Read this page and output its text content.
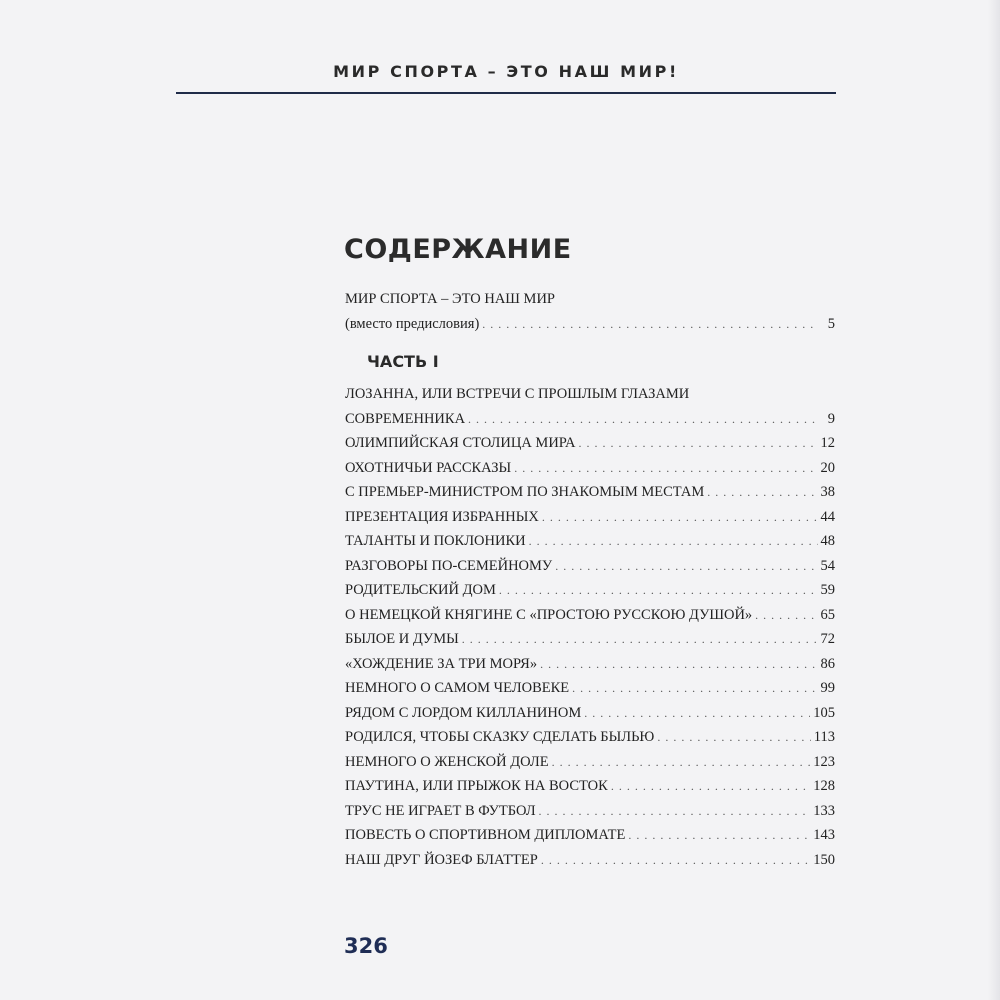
МИР СПОРТА – ЭТО НАШ МИР!
СОДЕРЖАНИЕ
МИР СПОРТА – ЭТО НАШ МИР
(вместо предисловия) . . .	5
ЧАСТЬ I
ЛОЗАННА, ИЛИ ВСТРЕЧИ С ПРОШЛЫМ ГЛАЗАМИ
СОВРЕМЕННИКА . . .	9
ОЛИМПИЙСКАЯ СТОЛИЦА МИРА . . .	12
ОХОТНИЧЬИ РАССКАЗЫ . . .	20
С ПРЕМЬЕР-МИНИСТРОМ ПО ЗНАКОМЫМ МЕСТАМ . . .	38
ПРЕЗЕНТАЦИЯ ИЗБРАННЫХ . . .	44
ТАЛАНТЫ И ПОКЛОНИКИ . . .	48
РАЗГОВОРЫ ПО-СЕМЕЙНОМУ . . .	54
РОДИТЕЛЬСКИЙ ДОМ . . .	59
О НЕМЕЦКОЙ КНЯГИНЕ С «ПРОСТОЮ РУССКОЮ ДУШОЙ» . . .	65
БЫЛОЕ И ДУМЫ . . .	72
«ХОЖДЕНИЕ ЗА ТРИ МОРЯ» . . .	86
НЕМНОГО О САМОМ ЧЕЛОВЕКЕ . . .	99
РЯДОМ С ЛОРДОМ КИЛЛАНИНОМ . . .	105
РОДИЛСЯ, ЧТОБЫ СКАЗКУ СДЕЛАТЬ БЫЛЬЮ . . .	113
НЕМНОГО О ЖЕНСКОЙ ДОЛЕ . . .	123
ПАУТИНА, ИЛИ ПРЫЖОК НА ВОСТОК . . .	128
ТРУС НЕ ИГРАЕТ В ФУТБОЛ . . .	133
ПОВЕСТЬ О СПОРТИВНОМ ДИПЛОМАТЕ . . .	143
НАШ ДРУГ ЙОЗЕФ БЛАТТЕР . . .	150
326
